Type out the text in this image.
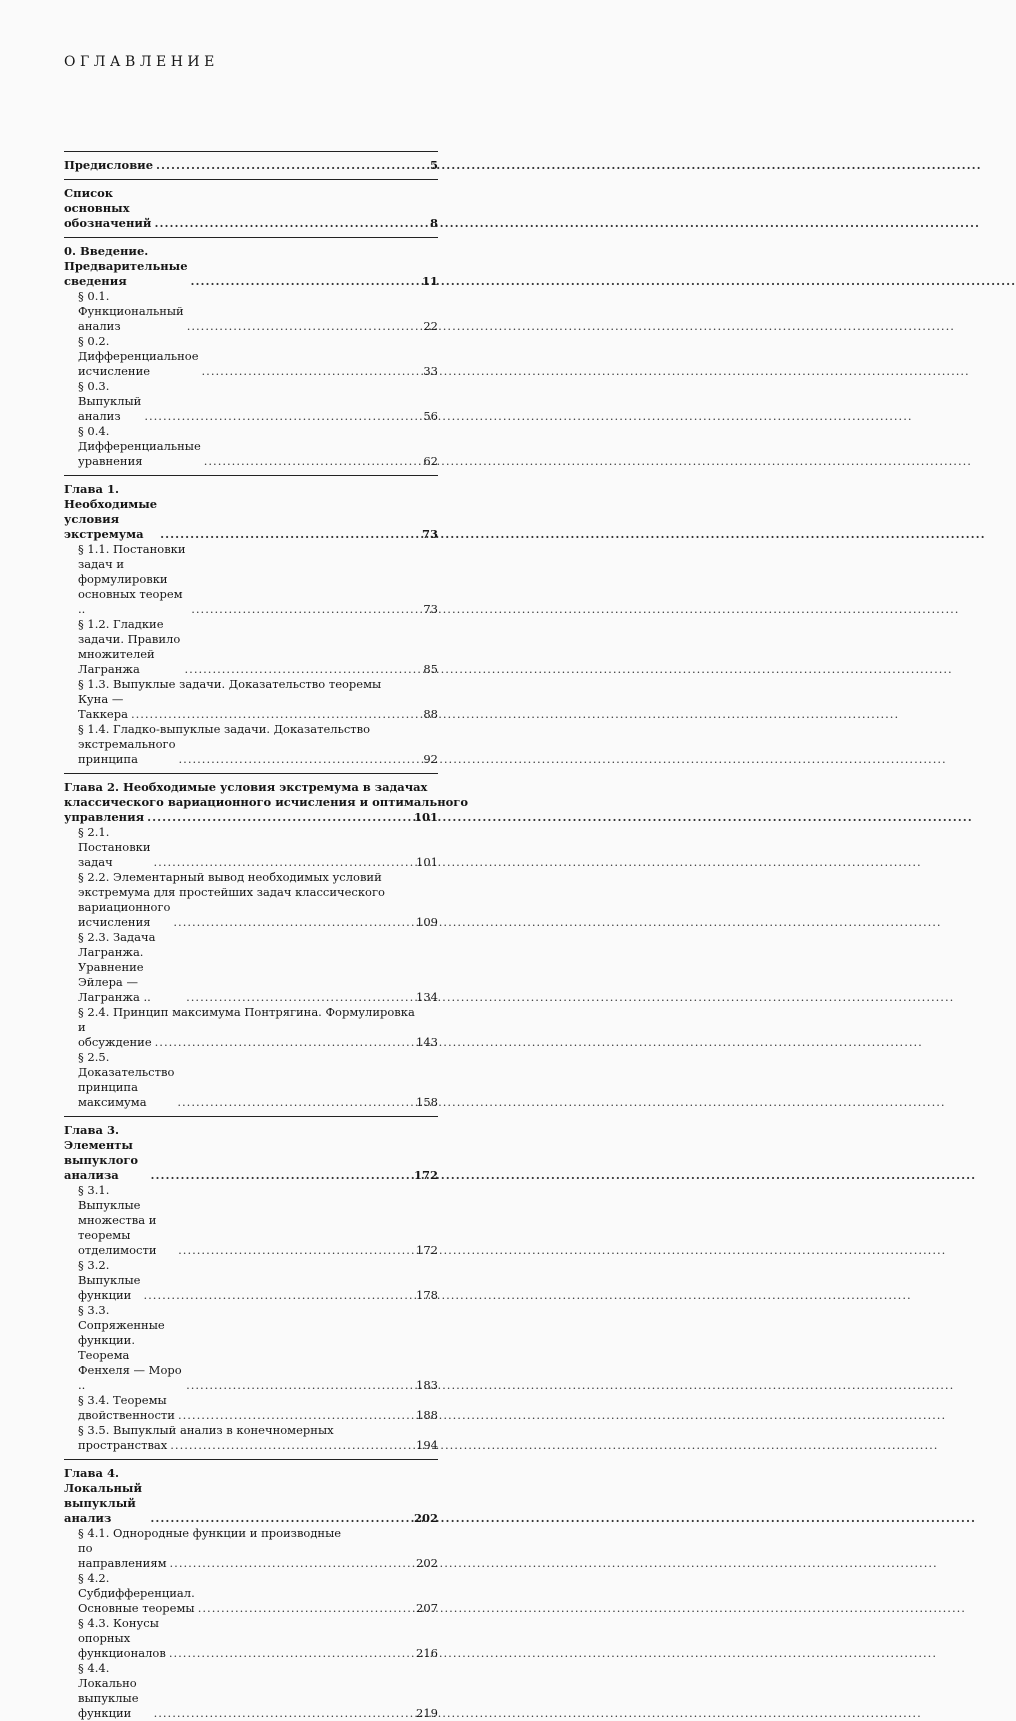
ОГЛАВЛЕНИЕ
Предисловие .....	5
Список основных обозначений .....	8
0. Введение. Предварительные сведения .....	11
§ 0.1. Функциональный анализ .....	22
§ 0.2. Дифференциальное исчисление .....	33
§ 0.3. Выпуклый анализ .....	56
§ 0.4. Дифференциальные уравнения .....	62
Глава 1. Необходимые условия экстремума .....	73
§ 1.1. Постановки задач и формулировки основных теорем .. .....	73
§ 1.2. Гладкие задачи. Правило множителей Лагранжа .....	85
§ 1.3. Выпуклые задачи. Доказательство теоремы
Куна — Таккера .....	88
§ 1.4. Гладко-выпуклые задачи. Доказательство
экстремального принципа .....	92
Глава 2. Необходимые условия экстремума в задачах
классического вариационного исчисления и оптимального
управления .....	101
§ 2.1. Постановки задач .....	101
§ 2.2. Элементарный вывод необходимых условий
экстремума для простейших задач классического
вариационного исчисления .....	109
§ 2.3. Задача Лагранжа. Уравнение Эйлера — Лагранжа .. .....	134
§ 2.4. Принцип максимума Понтрягина. Формулировка
и обсуждение .....	143
§ 2.5. Доказательство принципа максимума .....	158
Глава 3. Элементы выпуклого анализа .....	172
§ 3.1. Выпуклые множества и теоремы отделимости .....	172
§ 3.2. Выпуклые функции .....	178
§ 3.3. Сопряженные функции. Теорема Фенхеля — Моро .. .....	183
§ 3.4. Теоремы двойственности .....	188
§ 3.5. Выпуклый анализ в конечномерных
пространствах .....	194
Глава 4. Локальный выпуклый анализ .....	202
§ 4.1. Однородные функции и производные
по направлениям .....	202
§ 4.2. Субдифференциал. Основные теоремы .....	207
§ 4.3. Конусы опорных функционалов .....	216
§ 4.4. Локально выпуклые функции .....	219
